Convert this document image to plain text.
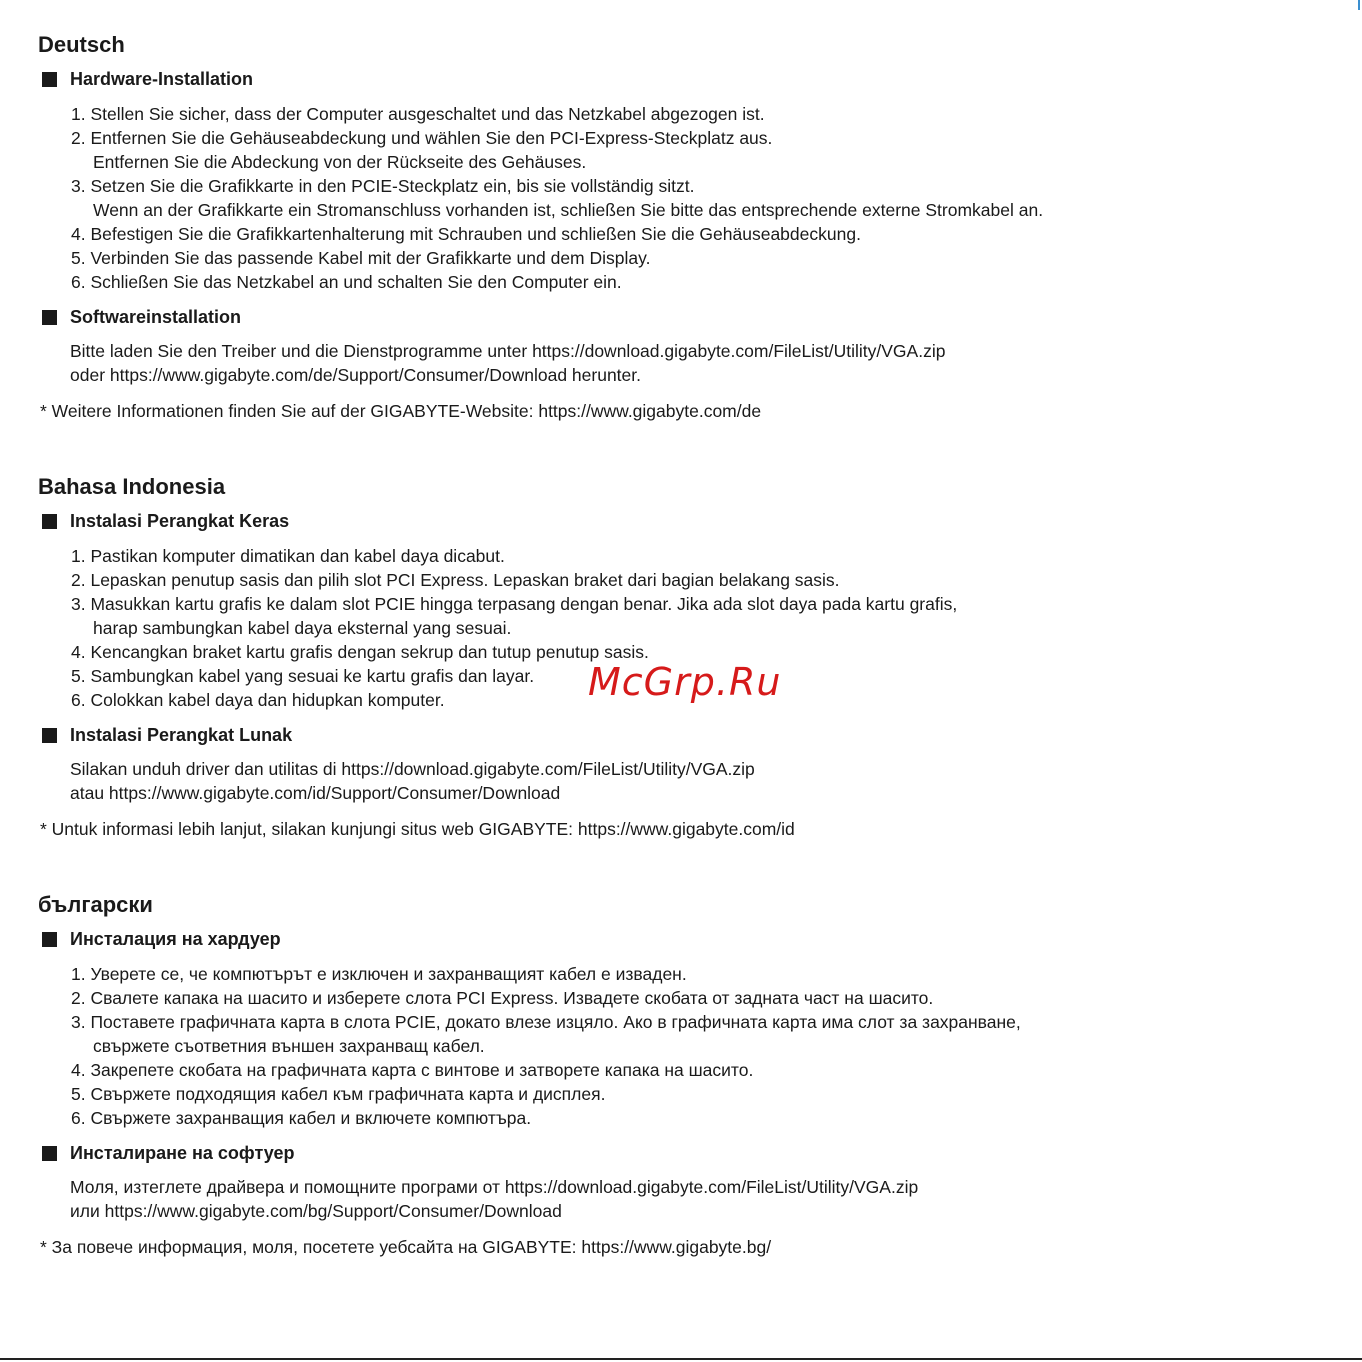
Deutsch
Hardware-Installation
1. Stellen Sie sicher, dass der Computer ausgeschaltet und das Netzkabel abgezogen ist.
2. Entfernen Sie die Gehäuseabdeckung und wählen Sie den PCI-Express-Steckplatz aus.
Entfernen Sie die Abdeckung von der Rückseite des Gehäuses.
3. Setzen Sie die Grafikkarte in den PCIE-Steckplatz ein, bis sie vollständig sitzt.
Wenn an der Grafikkarte ein Stromanschluss vorhanden ist, schließen Sie bitte das entsprechende externe Stromkabel an.
4. Befestigen Sie die Grafikkartenhalterung mit Schrauben und schließen Sie die Gehäuseabdeckung.
5. Verbinden Sie das passende Kabel mit der Grafikkarte und dem Display.
6. Schließen Sie das Netzkabel an und schalten Sie den Computer ein.
Softwareinstallation
Bitte laden Sie den Treiber und die Dienstprogramme unter https://download.gigabyte.com/FileList/Utility/VGA.zip
oder https://www.gigabyte.com/de/Support/Consumer/Download herunter.
* Weitere Informationen finden Sie auf der GIGABYTE-Website: https://www.gigabyte.com/de
Bahasa Indonesia
Instalasi Perangkat Keras
1. Pastikan komputer dimatikan dan kabel daya dicabut.
2. Lepaskan penutup sasis dan pilih slot PCI Express. Lepaskan braket dari bagian belakang sasis.
3. Masukkan kartu grafis ke dalam slot PCIE hingga terpasang dengan benar. Jika ada slot daya pada kartu grafis,
harap sambungkan kabel daya eksternal yang sesuai.
4. Kencangkan braket kartu grafis dengan sekrup dan tutup penutup sasis.
5. Sambungkan kabel yang sesuai ke kartu grafis dan layar.
6. Colokkan kabel daya dan hidupkan komputer.
Instalasi Perangkat Lunak
Silakan unduh driver dan utilitas di https://download.gigabyte.com/FileList/Utility/VGA.zip
atau https://www.gigabyte.com/id/Support/Consumer/Download
* Untuk informasi lebih lanjut, silakan kunjungi situs web GIGABYTE: https://www.gigabyte.com/id
български
Инсталация на хардуер
1. Уверете се, че компютърът е изключен и захранващият кабел е изваден.
2. Свалете капака на шасито и изберете слота PCI Express. Извадете скобата от задната част на шасито.
3. Поставете графичната карта в слота PCIE, докато влезе изцяло. Ако в графичната карта има слот за захранване,
свържете съответния външен захранващ кабел.
4. Закрепете скобата на графичната карта с винтове и затворете капака на шасито.
5. Свържете подходящия кабел към графичната карта и дисплея.
6. Свържете захранващия кабел и включете компютъра.
Инсталиране на софтуер
Моля, изтеглете драйвера и помощните програми от https://download.gigabyte.com/FileList/Utility/VGA.zip
или https://www.gigabyte.com/bg/Support/Consumer/Download
* За повече информация, моля, посетете уебсайта на GIGABYTE: https://www.gigabyte.bg/
McGrp.Ru
